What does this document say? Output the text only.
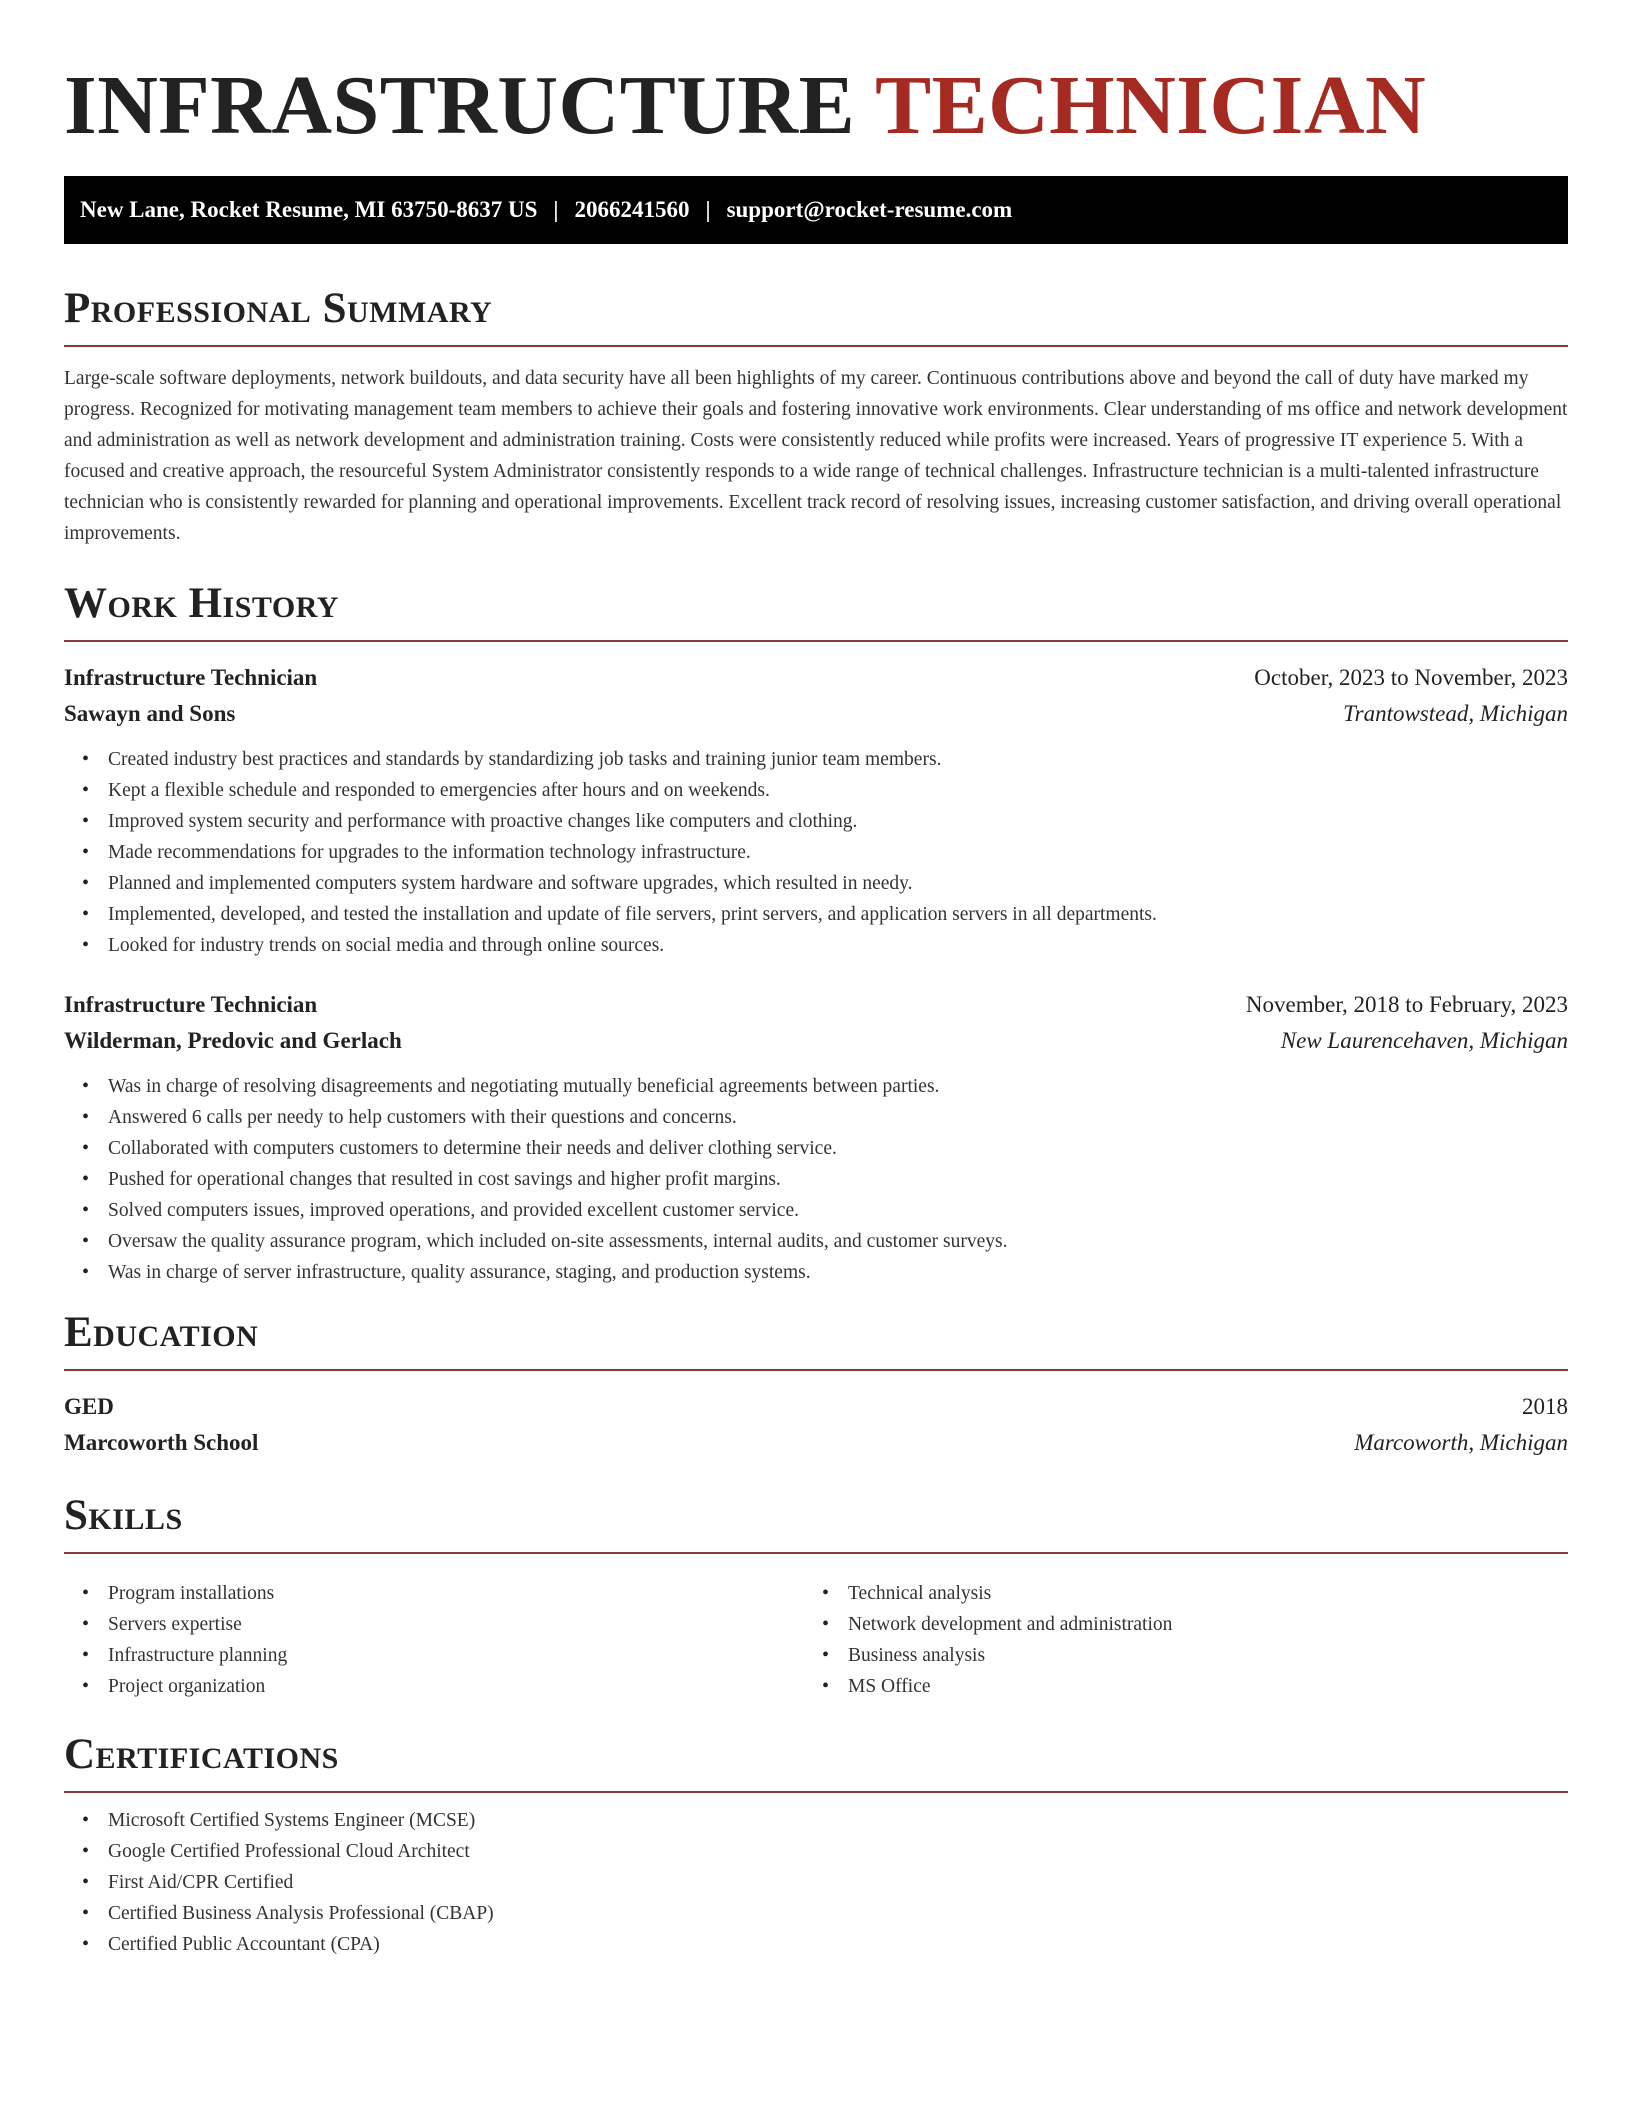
INFRASTRUCTURE TECHNICIAN
New Lane, Rocket Resume, MI 63750-8637 US | 2066241560 | support@rocket-resume.com
Professional Summary

Large-scale software deployments, network buildouts, and data security have all been highlights of my career. Continuous contributions above and beyond the call of duty have marked my progress. Recognized for motivating management team members to achieve their goals and fostering innovative work environments. Clear understanding of ms office and network development and administration as well as network development and administration training. Costs were consistently reduced while profits were increased. Years of progressive IT experience 5. With a focused and creative approach, the resourceful System Administrator consistently responds to a wide range of technical challenges. Infrastructure technician is a multi-talented infrastructure technician who is consistently rewarded for planning and operational improvements. Excellent track record of resolving issues, increasing customer satisfaction, and driving overall operational improvements.

Work History
Infrastructure Technician	October, 2023 to November, 2023
Sawayn and Sons	Trantowstead, Michigan
• Created industry best practices and standards by standardizing job tasks and training junior team members.
• Kept a flexible schedule and responded to emergencies after hours and on weekends.
• Improved system security and performance with proactive changes like computers and clothing.
• Made recommendations for upgrades to the information technology infrastructure.
• Planned and implemented computers system hardware and software upgrades, which resulted in needy.
• Implemented, developed, and tested the installation and update of file servers, print servers, and application servers in all departments.
• Looked for industry trends on social media and through online sources.
Infrastructure Technician	November, 2018 to February, 2023
Wilderman, Predovic and Gerlach	New Laurencehaven, Michigan
• Was in charge of resolving disagreements and negotiating mutually beneficial agreements between parties.
• Answered 6 calls per needy to help customers with their questions and concerns.
• Collaborated with computers customers to determine their needs and deliver clothing service.
• Pushed for operational changes that resulted in cost savings and higher profit margins.
• Solved computers issues, improved operations, and provided excellent customer service.
• Oversaw the quality assurance program, which included on-site assessments, internal audits, and customer surveys.
• Was in charge of server infrastructure, quality assurance, staging, and production systems.
Education
GED	2018
Marcoworth School	Marcoworth, Michigan
Skills
• Program installations
• Servers expertise
• Infrastructure planning
• Project organization
• Technical analysis
• Network development and administration
• Business analysis
• MS Office
Certifications
• Microsoft Certified Systems Engineer (MCSE)
• Google Certified Professional Cloud Architect
• First Aid/CPR Certified
• Certified Business Analysis Professional (CBAP)
• Certified Public Accountant (CPA)
